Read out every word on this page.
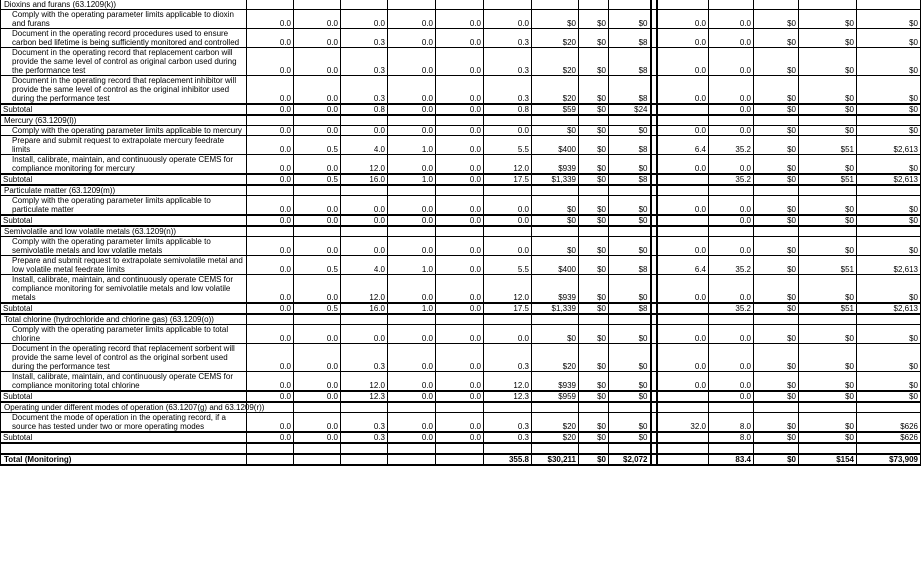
Dioxins and furans (63.1209(k))															
Comply with the operating parameter limits applicable to dioxin and furans	0.0	0.0	0.0	0.0	0.0	0.0	$0	$0	$0		0.0	0.0	$0	$0	$0
Document in the operating record procedures used to ensure carbon bed lifetime is being sufficiently monitored and controlled	0.0	0.0	0.3	0.0	0.0	0.3	$20	$0	$8		0.0	0.0	$0	$0	$0
Document in the operating record that replacement carbon will provide the same level of control as original carbon used during the performance test	0.0	0.0	0.3	0.0	0.0	0.3	$20	$0	$8		0.0	0.0	$0	$0	$0
Document in the operating record that replacement inhibitor will provide the same level of control as the original inhibitor used during the performance test	0.0	0.0	0.3	0.0	0.0	0.3	$20	$0	$8		0.0	0.0	$0	$0	$0
Subtotal	0.0	0.0	0.8	0.0	0.0	0.8	$59	$0	$24			0.0	$0	$0	$0
Mercury (63.1209(l))															
Comply with the operating parameter limits applicable to mercury	0.0	0.0	0.0	0.0	0.0	0.0	$0	$0	$0		0.0	0.0	$0	$0	$0
Prepare and submit request to extrapolate mercury feedrate limits	0.0	0.5	4.0	1.0	0.0	5.5	$400	$0	$8		6.4	35.2	$0	$51	$2,613
Install, calibrate, maintain, and continuously operate CEMS for compliance monitoring for mercury	0.0	0.0	12.0	0.0	0.0	12.0	$939	$0	$0		0.0	0.0	$0	$0	$0
Subtotal	0.0	0.5	16.0	1.0	0.0	17.5	$1,339	$0	$8			35.2	$0	$51	$2,613
Particulate matter (63.1209(m))															
Comply with the operating parameter limits applicable to particulate matter	0.0	0.0	0.0	0.0	0.0	0.0	$0	$0	$0		0.0	0.0	$0	$0	$0
Subtotal	0.0	0.0	0.0	0.0	0.0	0.0	$0	$0	$0			0.0	$0	$0	$0
Semivolatile and low volatile metals (63.1209(n))															
Comply with the operating parameter limits applicable to semivolatile metals and low volatile metals	0.0	0.0	0.0	0.0	0.0	0.0	$0	$0	$0		0.0	0.0	$0	$0	$0
Prepare and submit request to extrapolate semivolatile metal and low volatile metal feedrate limits	0.0	0.5	4.0	1.0	0.0	5.5	$400	$0	$8		6.4	35.2	$0	$51	$2,613
Install, calibrate, maintain, and continuously operate CEMS for compliance monitoring for semivolatile metals and low volatile metals	0.0	0.0	12.0	0.0	0.0	12.0	$939	$0	$0		0.0	0.0	$0	$0	$0
Subtotal	0.0	0.5	16.0	1.0	0.0	17.5	$1,339	$0	$8			35.2	$0	$51	$2,613
Total chlorine (hydrochloride and chlorine gas) (63.1209(o))															
Comply with the operating parameter limits applicable to total chlorine	0.0	0.0	0.0	0.0	0.0	0.0	$0	$0	$0		0.0	0.0	$0	$0	$0
Document in the operating record that replacement sorbent will provide the same level of control as the original sorbent used during the performance test	0.0	0.0	0.3	0.0	0.0	0.3	$20	$0	$0		0.0	0.0	$0	$0	$0
Install, calibrate, maintain, and continuously operate CEMS for compliance monitoring total chlorine	0.0	0.0	12.0	0.0	0.0	12.0	$939	$0	$0		0.0	0.0	$0	$0	$0
Subtotal	0.0	0.0	12.3	0.0	0.0	12.3	$959	$0	$0			0.0	$0	$0	$0
Operating under different modes of operation (63.1207(g) and 63.1209(r))															
Document the mode of operation in the operating record, if a source has tested under two or more operating modes	0.0	0.0	0.3	0.0	0.0	0.3	$20	$0	$0		32.0	8.0	$0	$0	$626
Subtotal	0.0	0.0	0.3	0.0	0.0	0.3	$20	$0	$0			8.0	$0	$0	$626

Total (Monitoring)						355.8	$30,211	$0	$2,072			83.4	$0	$154	$73,909
